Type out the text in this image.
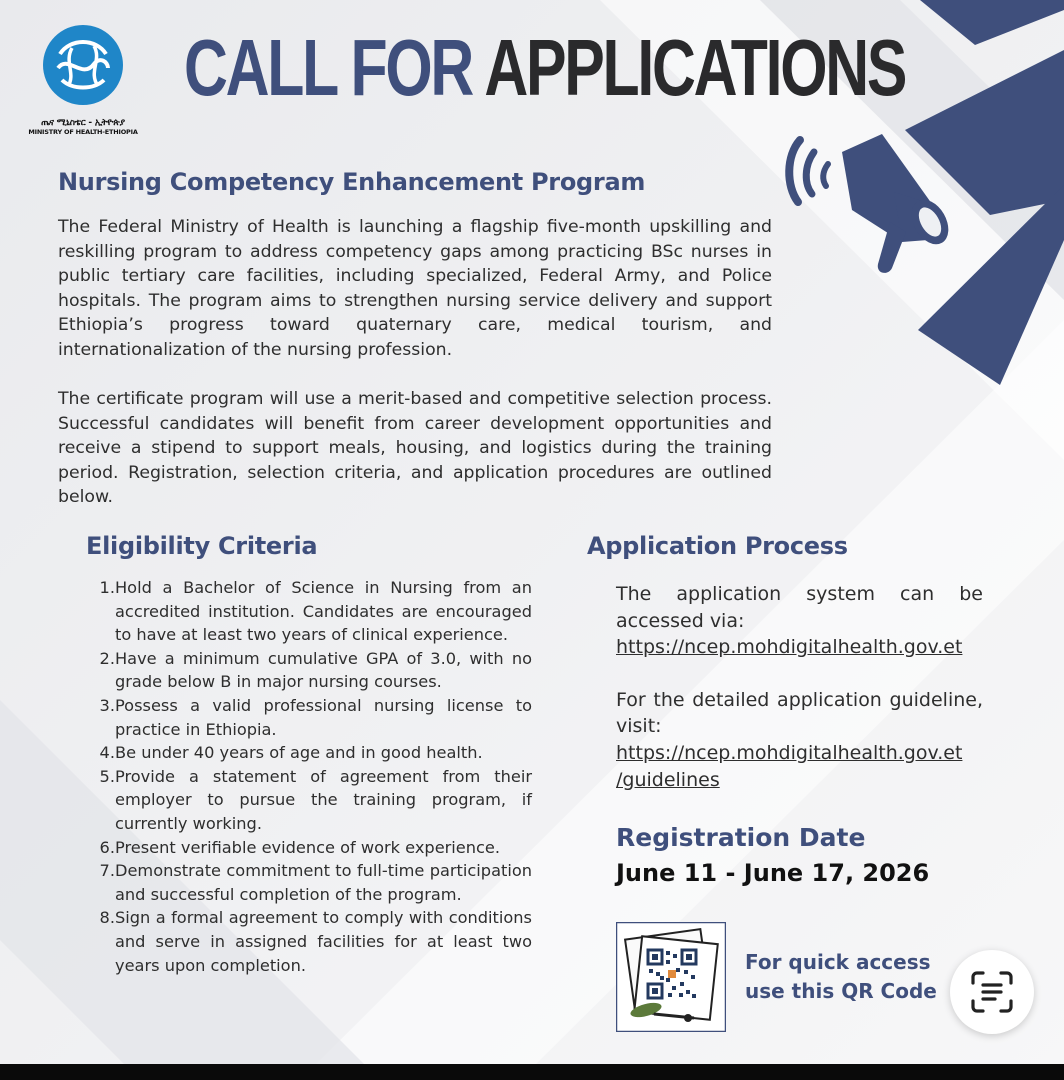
ጤና ሚኒስቴር - ኢትዮጵያ
MINISTRY OF HEALTH-ETHIOPIA
CALL FOR APPLICATIONS
Nursing Competency Enhancement Program

The Federal Ministry of Health is launching a flagship five-month upskilling and reskilling program to address competency gaps among practicing BSc nurses in public tertiary care facilities, including specialized, Federal Army, and Police hospitals. The program aims to strengthen nursing service delivery and support Ethiopia’s progress toward quaternary care, medical tourism, and internationalization of the nursing profession.

The certificate program will use a merit-based and competitive selection process. Successful candidates will benefit from career development opportunities and receive a stipend to support meals, housing, and logistics during the training period. Registration, selection criteria, and application procedures are outlined below.

Eligibility Criteria
1. Hold a Bachelor of Science in Nursing from an accredited institution. Candidates are encouraged to have at least two years of clinical experience.
2. Have a minimum cumulative GPA of 3.0, with no grade below B in major nursing courses.
3. Possess a valid professional nursing license to practice in Ethiopia.
4. Be under 40 years of age and in good health.
5. Provide a statement of agreement from their employer to pursue the training program, if currently working.
6. Present verifiable evidence of work experience.
7. Demonstrate commitment to full-time participation and successful completion of the program.
8. Sign a formal agreement to comply with conditions and serve in assigned facilities for at least two years upon completion.
Application Process

The application system can be accessed via:

https://ncep.mohdigitalhealth.gov.et

For the detailed application guideline, visit:

https://ncep.mohdigitalhealth.gov.et
/guidelines
Registration Date
June 11 - June 17, 2026
For quick access
use this QR Code
